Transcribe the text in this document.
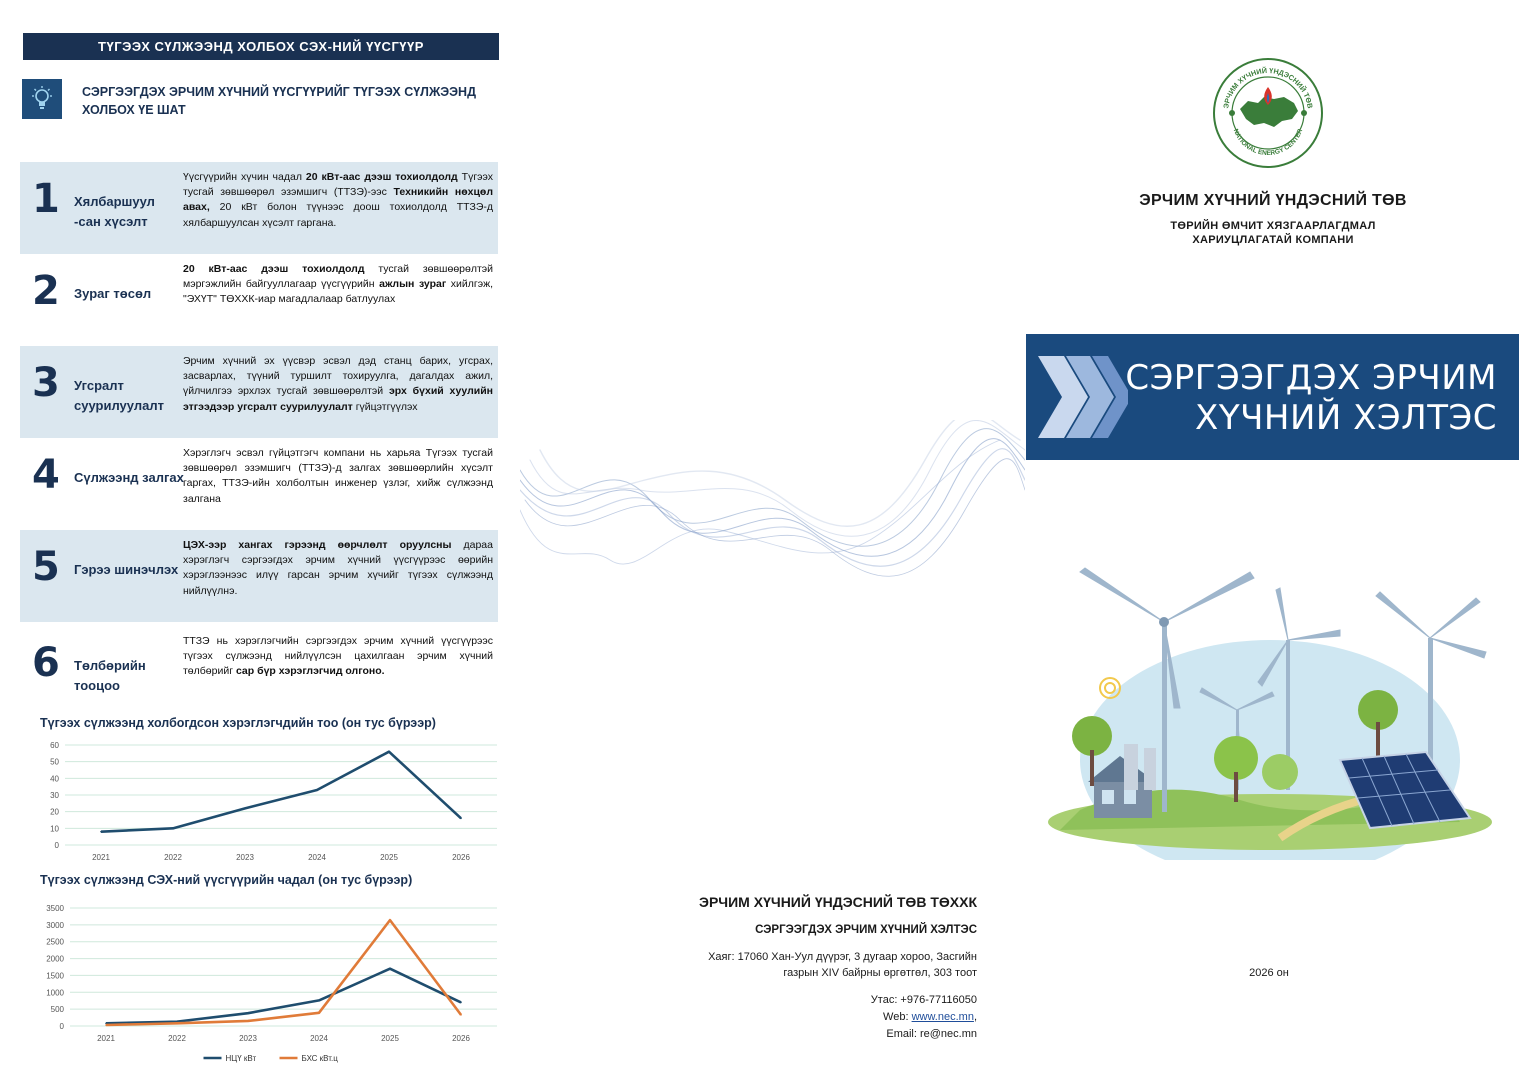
ТҮГЭЭХ СҮЛЖЭЭНД ХОЛБОХ СЭХ-НИЙ ҮҮСГҮҮР
СЭРГЭЭГДЭХ ЭРЧИМ ХҮЧНИЙ ҮҮСГҮҮРИЙГ ТҮГЭЭХ СҮЛЖЭЭНД ХОЛБОХ ҮЕ ШАТ
1 Хялбаршуул -сан хүсэлт
Үүсгүүрийн хүчин чадал 20 кВт-аас дээш тохиолдолд Түгээх тусгай зөвшөөрөл эзэмшигч (ТТЗЭ)-ээс Техникийн нөхцөл авах, 20 кВт болон түүнээс доош тохиолдолд ТТЗЭ-д хялбаршуулсан хүсэлт гаргана.
2 Зураг төсөл
20 кВт-аас дээш тохиолдолд тусгай зөвшөөрөлтэй мэргэжлийн байгууллагаар үүсгүүрийн ажлын зураг хийлгэж, "ЭХҮТ" ТӨХХК-иар магадлалаар батлуулах
3 Угсралт суурилуулалт
Эрчим хүчний эх үүсвэр эсвэл дэд станц барих, угсрах, засварлах, түүний туршилт тохируулга, дагалдах ажил, үйлчилгээ эрхлэх тусгай зөвшөөрөлтэй эрх бүхий хуулийн этгээдээр угсралт суурилуулалт гүйцэтгүүлэх
4 Сүлжээнд залгах
Хэрэглэгч эсвэл гүйцэтгэгч компани нь харьяа Түгээх тусгай зөвшөөрөл эзэмшигч (ТТЗЭ)-д залгах зөвшөөрлийн хүсэлт гаргах, ТТЗЭ-ийн холболтын инженер үзлэг, хийж сүлжээнд залгана
5 Гэрээ шинэчлэх
ЦЭХ-ээр хангах гэрээнд өөрчлөлт оруулсны дараа хэрэглэгч сэргээгдэх эрчим хүчний үүсгүүрээс өөрийн хэрэглээнээс илүү гарсан эрчим хүчийг түгээх сүлжээнд нийлүүлнэ.
6 Төлбөрийн тооцоо
ТТЗЭ нь хэрэглэгчийн сэргээгдэх эрчим хүчний үүсгүүрээс түгээх сүлжээнд нийлүүлсэн цахилгаан эрчим хүчний төлбөрийг сар бүр хэрэглэгчид олгоно.
Түгээх сүлжээнд холбогдсон хэрэглэгчдийн тоо (он тус бүрээр)
0
10
20
30
40
50
60
2021	2022	2023	2024	2025	2026
Түгээх сүлжээнд СЭХ-ний үүсгүүрийн чадал (он тус бүрээр)
0
500
1000
1500
2000
2500
3000
3500
2021	2022	2023	2024	2025	2026
НЦҮ кВт	БХС кВт.ц
ЭРЧИМ ХҮЧНИЙ ҮНДЭСНИЙ ТӨВ ТӨХХК
СЭРГЭЭГДЭХ ЭРЧИМ ХҮЧНИЙ ХЭЛТЭС
Хаяг: 17060 Хан-Уул дүүрэг, 3 дугаар хороо, Засгийн
газрын XIV байрны өргөтгөл, 303 тоот
Утас: +976-77116050
Web: www.nec.mn,
Email: re@nec.mn
ЭРЧИМ ХҮЧНИЙ ҮНДЭСНИЙ ТӨВ
NATIONAL ENERGY CENTER
ЭРЧИМ ХҮЧНИЙ ҮНДЭСНИЙ ТӨВ
ТӨРИЙН ӨМЧИТ ХЯЗГААРЛАГДМАЛ
ХАРИУЦЛАГАТАЙ КОМПАНИ
СЭРГЭЭГДЭХ ЭРЧИМ
ХҮЧНИЙ ХЭЛТЭС
2026 он
